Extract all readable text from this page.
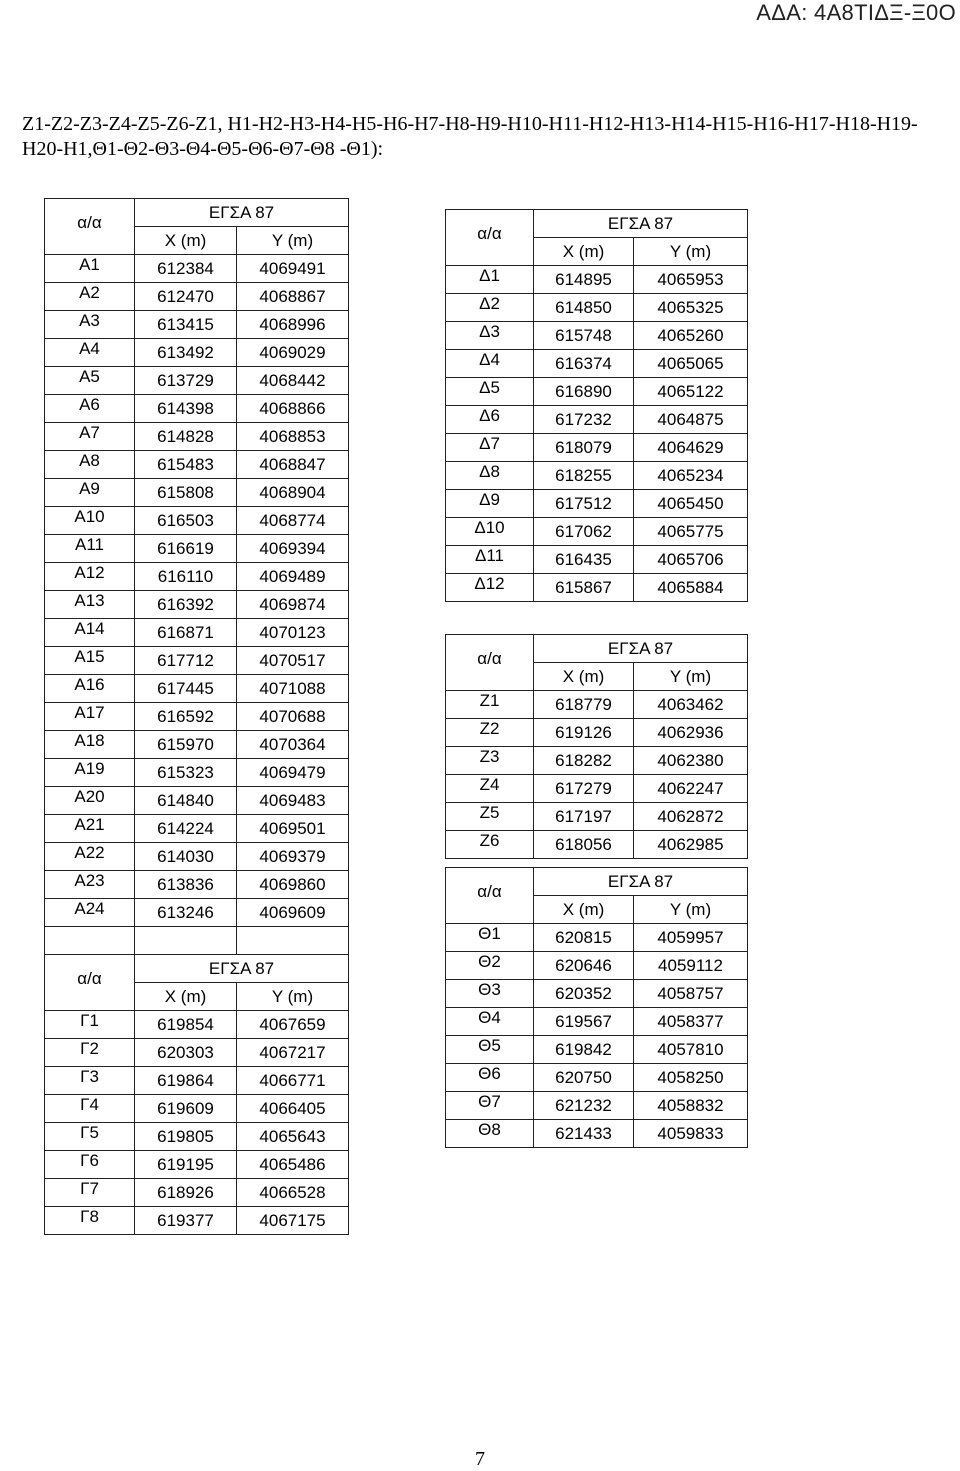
ΑΔΑ: 4Α8ΤΙΔΞ-Ξ0Ο
Ζ1-Ζ2-Ζ3-Ζ4-Ζ5-Ζ6-Ζ1, Η1-Η2-Η3-Η4-Η5-Η6-Η7-Η8-Η9-Η10-Η11-Η12-Η13-Η14-Η15-Η16-Η17-Η18-Η19- Η20-Η1,Θ1-Θ2-Θ3-Θ4-Θ5-Θ6-Θ7-Θ8 -Θ1):
α/α	ΕΓΣΑ 87	
	X (m)	Y (m)
Α1	612384	4069491
Α2	612470	4068867
Α3	613415	4068996
Α4	613492	4069029
Α5	613729	4068442
Α6	614398	4068866
Α7	614828	4068853
Α8	615483	4068847
Α9	615808	4068904
Α10	616503	4068774
Α11	616619	4069394
Α12	616110	4069489
Α13	616392	4069874
Α14	616871	4070123
Α15	617712	4070517
Α16	617445	4071088
Α17	616592	4070688
Α18	615970	4070364
Α19	615323	4069479
Α20	614840	4069483
Α21	614224	4069501
Α22	614030	4069379
Α23	613836	4069860
Α24	613246	4069609

α/α	ΕΓΣΑ 87	
	X (m)	Y (m)
Γ1	619854	4067659
Γ2	620303	4067217
Γ3	619864	4066771
Γ4	619609	4066405
Γ5	619805	4065643
Γ6	619195	4065486
Γ7	618926	4066528
Γ8	619377	4067175
α/α	ΕΓΣΑ 87	
	X (m)	Y (m)
Δ1	614895	4065953
Δ2	614850	4065325
Δ3	615748	4065260
Δ4	616374	4065065
Δ5	616890	4065122
Δ6	617232	4064875
Δ7	618079	4064629
Δ8	618255	4065234
Δ9	617512	4065450
Δ10	617062	4065775
Δ11	616435	4065706
Δ12	615867	4065884
α/α	ΕΓΣΑ 87	
	X (m)	Y (m)
Ζ1	618779	4063462
Ζ2	619126	4062936
Ζ3	618282	4062380
Ζ4	617279	4062247
Ζ5	617197	4062872
Ζ6	618056	4062985
α/α	ΕΓΣΑ 87	
	X (m)	Y (m)
Θ1	620815	4059957
Θ2	620646	4059112
Θ3	620352	4058757
Θ4	619567	4058377
Θ5	619842	4057810
Θ6	620750	4058250
Θ7	621232	4058832
Θ8	621433	4059833
7
